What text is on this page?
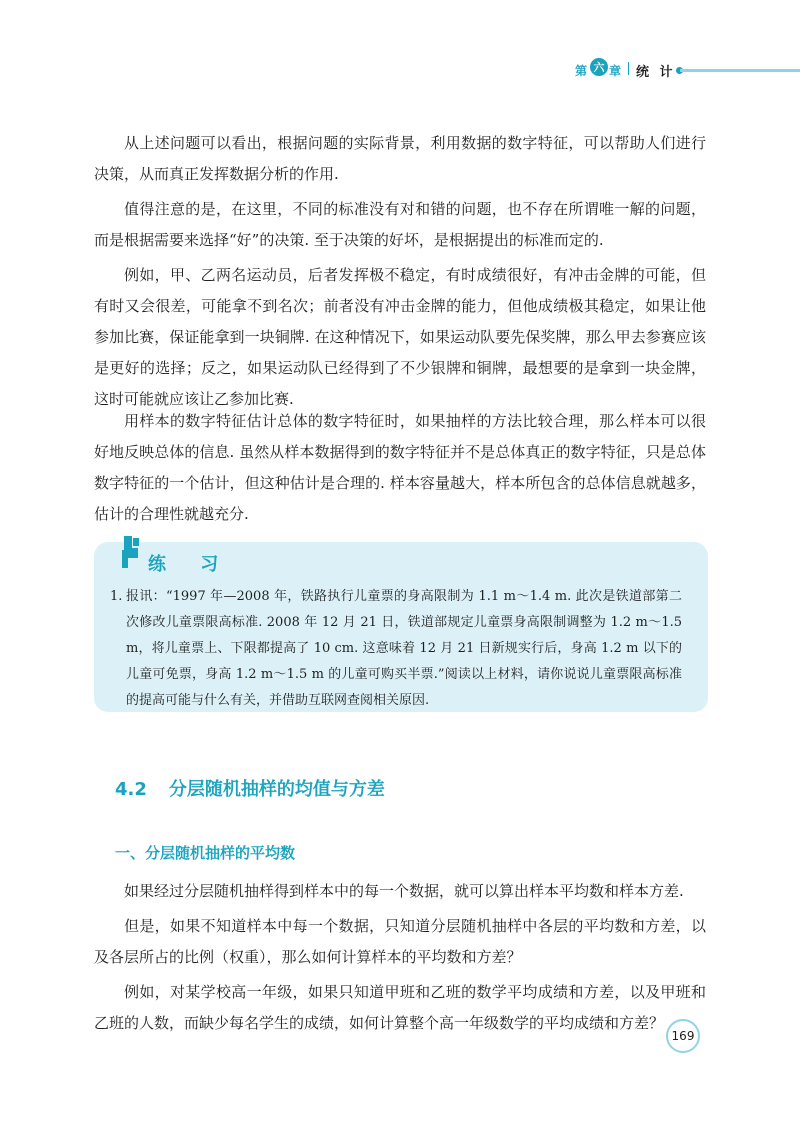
第 六 章 统 计

从上述问题可以看出，根据问题的实际背景，利用数据的数字特征，可以帮助人们进行决策，从而真正发挥数据分析的作用.

值得注意的是，在这里，不同的标准没有对和错的问题，也不存在所谓唯一解的问题，而是根据需要来选择“好”的决策. 至于决策的好坏，是根据提出的标准而定的.

例如，甲、乙两名运动员，后者发挥极不稳定，有时成绩很好，有冲击金牌的可能，但有时又会很差，可能拿不到名次；前者没有冲击金牌的能力，但他成绩极其稳定，如果让他参加比赛，保证能拿到一块铜牌. 在这种情况下，如果运动队要先保奖牌，那么甲去参赛应该是更好的选择；反之，如果运动队已经得到了不少银牌和铜牌，最想要的是拿到一块金牌，这时可能就应该让乙参加比赛.

用样本的数字特征估计总体的数字特征时，如果抽样的方法比较合理，那么样本可以很好地反映总体的信息. 虽然从样本数据得到的数字特征并不是总体真正的数字特征，只是总体数字特征的一个估计，但这种估计是合理的. 样本容量越大，样本所包含的总体信息就越多，估计的合理性就越充分.

练 习
1. 报讯：“1997 年—2008 年，铁路执行儿童票的身高限制为 1.1 m～1.4 m. 此次是铁道部第二次修改儿童票限高标准. 2008 年 12 月 21 日，铁道部规定儿童票身高限制调整为 1.2 m～1.5 m，将儿童票上、下限都提高了 10 cm. 这意味着 12 月 21 日新规实行后，身高 1.2 m 以下的儿童可免票，身高 1.2 m～1.5 m 的儿童可购买半票.”阅读以上材料，请你说说儿童票限高标准的提高可能与什么有关，并借助互联网查阅相关原因.
4.2 分层随机抽样的均值与方差
一、分层随机抽样的平均数

如果经过分层随机抽样得到样本中的每一个数据，就可以算出样本平均数和样本方差.

但是，如果不知道样本中每一个数据，只知道分层随机抽样中各层的平均数和方差，以及各层所占的比例（权重），那么如何计算样本的平均数和方差？

例如，对某学校高一年级，如果只知道甲班和乙班的数学平均成绩和方差，以及甲班和乙班的人数，而缺少每名学生的成绩，如何计算整个高一年级数学的平均成绩和方差？

169
